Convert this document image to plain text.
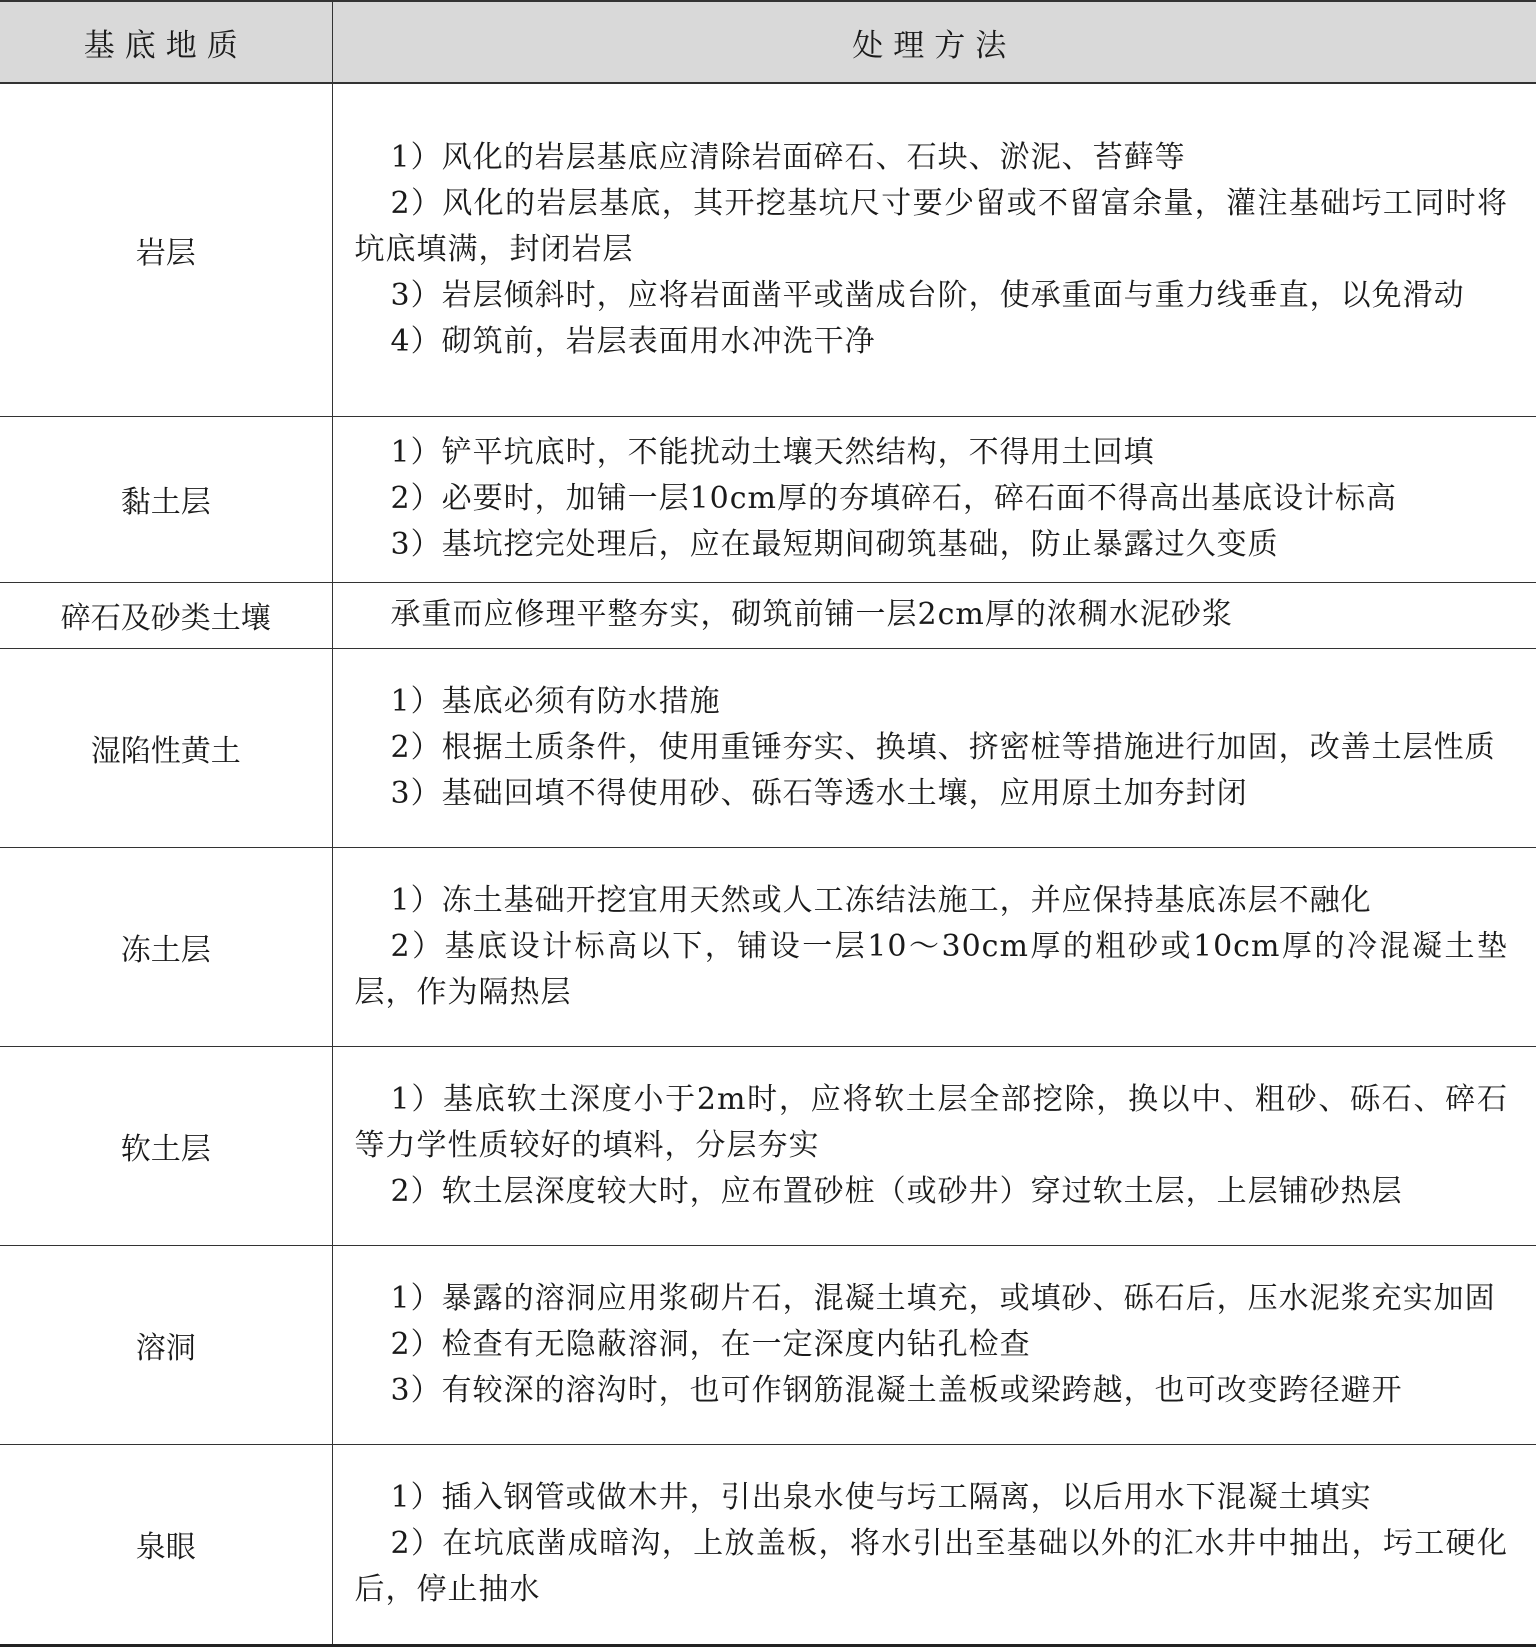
基底地质	处理方法
岩层	1）风化的岩层基底应清除岩面碎石、石块、淤泥、苔藓等
2）风化的岩层基底，其开挖基坑尺寸要少留或不留富余量，灌注基础圬工同时将坑底填满，封闭岩层
3）岩层倾斜时，应将岩面凿平或凿成台阶，使承重面与重力线垂直，以免滑动
4）砌筑前，岩层表面用水冲洗干净

黏土层	1）铲平坑底时，不能扰动土壤天然结构，不得用土回填
2）必要时，加铺一层10cm厚的夯填碎石，碎石面不得高出基底设计标高
3）基坑挖完处理后，应在最短期间砌筑基础，防止暴露过久变质

碎石及砂类土壤	承重而应修理平整夯实，砌筑前铺一层2cm厚的浓稠水泥砂浆

湿陷性黄土	1）基底必须有防水措施
2）根据土质条件，使用重锤夯实、换填、挤密桩等措施进行加固，改善土层性质
3）基础回填不得使用砂、砾石等透水土壤，应用原土加夯封闭

冻土层	1）冻土基础开挖宜用天然或人工冻结法施工，并应保持基底冻层不融化
2）基底设计标高以下，铺设一层10～30cm厚的粗砂或10cm厚的冷混凝土垫层，作为隔热层

软土层	1）基底软土深度小于2m时，应将软土层全部挖除，换以中、粗砂、砾石、碎石等力学性质较好的填料，分层夯实
2）软土层深度较大时，应布置砂桩（或砂井）穿过软土层，上层铺砂热层

溶洞	1）暴露的溶洞应用浆砌片石，混凝土填充，或填砂、砾石后，压水泥浆充实加固
2）检查有无隐蔽溶洞，在一定深度内钻孔检查
3）有较深的溶沟时，也可作钢筋混凝土盖板或梁跨越，也可改变跨径避开

泉眼	1）插入钢管或做木井，引出泉水使与圬工隔离，以后用水下混凝土填实
2）在坑底凿成暗沟，上放盖板，将水引出至基础以外的汇水井中抽出，圬工硬化后，停止抽水
